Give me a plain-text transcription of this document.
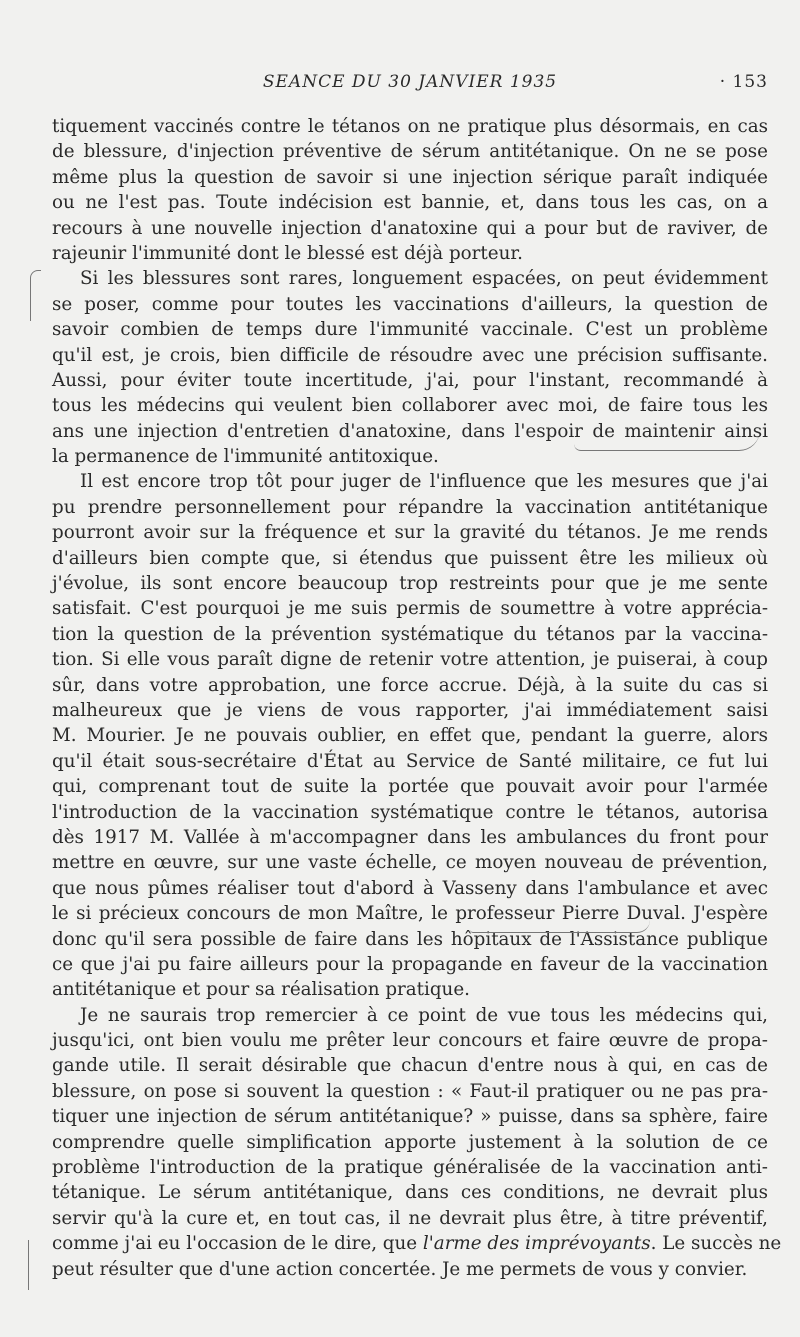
SEANCE DU 30 JANVIER 1935	· 153
tiquement vaccinés contre le tétanos on ne pratique plus désormais, en cas
de blessure, d'injection préventive de sérum antitétanique. On ne se pose
même plus la question de savoir si une injection sérique paraît indiquée
ou ne l'est pas. Toute indécision est bannie, et, dans tous les cas, on a
recours à une nouvelle injection d'anatoxine qui a pour but de raviver, de
rajeunir l'immunité dont le blessé est déjà porteur.
Si les blessures sont rares, longuement espacées, on peut évidemment
se poser, comme pour toutes les vaccinations d'ailleurs, la question de
savoir combien de temps dure l'immunité vaccinale. C'est un problème
qu'il est, je crois, bien difficile de résoudre avec une précision suffisante.
Aussi, pour éviter toute incertitude, j'ai, pour l'instant, recommandé à
tous les médecins qui veulent bien collaborer avec moi, de faire tous les
ans une injection d'entretien d'anatoxine, dans l'espoir de maintenir ainsi
la permanence de l'immunité antitoxique.
Il est encore trop tôt pour juger de l'influence que les mesures que j'ai
pu prendre personnellement pour répandre la vaccination antitétanique
pourront avoir sur la fréquence et sur la gravité du tétanos. Je me rends
d'ailleurs bien compte que, si étendus que puissent être les milieux où
j'évolue, ils sont encore beaucoup trop restreints pour que je me sente
satisfait. C'est pourquoi je me suis permis de soumettre à votre apprécia-
tion la question de la prévention systématique du tétanos par la vaccina-
tion. Si elle vous paraît digne de retenir votre attention, je puiserai, à coup
sûr, dans votre approbation, une force accrue. Déjà, à la suite du cas si
malheureux que je viens de vous rapporter, j'ai immédiatement saisi
M. Mourier. Je ne pouvais oublier, en effet que, pendant la guerre, alors
qu'il était sous-secrétaire d'État au Service de Santé militaire, ce fut lui
qui, comprenant tout de suite la portée que pouvait avoir pour l'armée
l'introduction de la vaccination systématique contre le tétanos, autorisa
dès 1917 M. Vallée à m'accompagner dans les ambulances du front pour
mettre en œuvre, sur une vaste échelle, ce moyen nouveau de prévention,
que nous pûmes réaliser tout d'abord à Vasseny dans l'ambulance et avec
le si précieux concours de mon Maître, le professeur Pierre Duval. J'espère
donc qu'il sera possible de faire dans les hôpitaux de l'Assistance publique
ce que j'ai pu faire ailleurs pour la propagande en faveur de la vaccination
antitétanique et pour sa réalisation pratique.
Je ne saurais trop remercier à ce point de vue tous les médecins qui,
jusqu'ici, ont bien voulu me prêter leur concours et faire œuvre de propa-
gande utile. Il serait désirable que chacun d'entre nous à qui, en cas de
blessure, on pose si souvent la question : « Faut-il pratiquer ou ne pas pra-
tiquer une injection de sérum antitétanique? » puisse, dans sa sphère, faire
comprendre quelle simplification apporte justement à la solution de ce
problème l'introduction de la pratique généralisée de la vaccination anti-
tétanique. Le sérum antitétanique, dans ces conditions, ne devrait plus
servir qu'à la cure et, en tout cas, il ne devrait plus être, à titre préventif,
comme j'ai eu l'occasion de le dire, que l'arme des imprévoyants. Le succès ne
peut résulter que d'une action concertée. Je me permets de vous y convier.
